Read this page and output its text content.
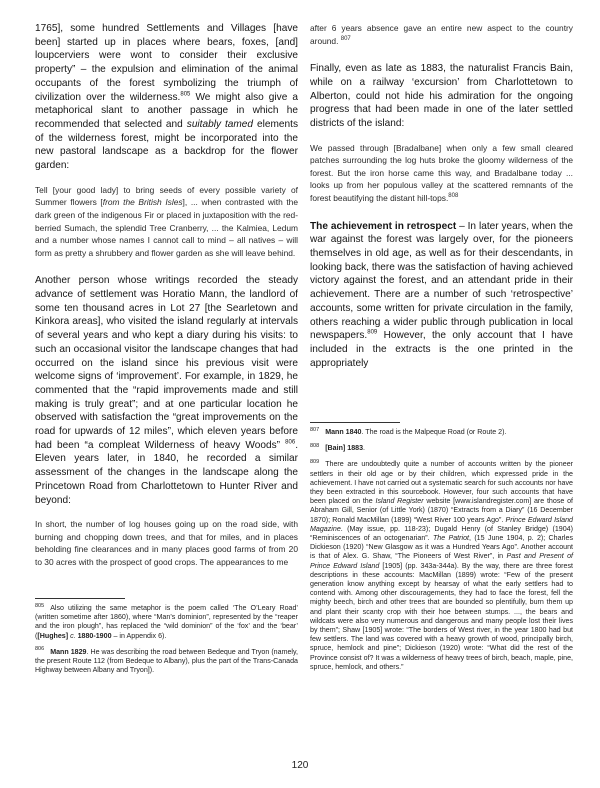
1765], some hundred Settlements and Villages [have been] started up in places where bears, foxes, [and] loupcerviers were wont to consider their exclusive property” – the expulsion and elimination of the animal occupants of the forest symbolizing the triumph of civilization over the wilderness.$^{805}$ We might also give a metaphorical slant to another passage in which he recommended that selected and suitably tamed elements of the wilderness forest, might be incorporated into the new pastoral landscape as a backdrop for the flower garden:

Tell [your good lady] to bring seeds of every possible variety of Summer flowers [from the British Isles], ... when contrasted with the dark green of the indigenous Fir or placed in juxtaposition with the red-berried Sumach, the splendid Tree Cranberry, ... the Kalmiea, Ledum and a number whose names I cannot call to mind – all natives – will form as pretty a shrubbery and flower garden as she will leave behind.

Another person whose writings recorded the steady advance of settlement was Horatio Mann, the landlord of some ten thousand acres in Lot 27 [the Searletown and Kinkora areas], who visited the island regularly at intervals of several years and who kept a diary during his visits: to such an occasional visitor the landscape changes that had occurred on the island since his previous visit were welcome signs of ‘improvement’. For example, in 1829, he commented that the “rapid improvements made and still making is truly great”; and at one particular location he observed with satisfaction the “great improvements on the road for upwards of 12 miles”, which eleven years before had been “a compleat Wilderness of heavy Woods” $^{806}$. Eleven years later, in 1840, he recorded a similar assessment of the changes in the landscape along the Princetown Road from Charlottetown to Hunter River and beyond:

In short, the number of log houses going up on the road side, with burning and chopping down trees, and that for miles, and in places beholding fine clearances and in many places good farms of from 20 to 30 acres with the prospect of good crops. The appearances to me

$^{805}$ Also utilizing the same metaphor is the poem called ‘The O’Leary Road’ (written sometime after 1860), where “Man’s dominion”, represented by the “reaper and the iron plough”, has replaced the “wild dominion” of the ‘fox’ and the ‘bear’ ([Hughes] c. 1880-1900 – in Appendix 6).

$^{806}$ Mann 1829. He was describing the road between Bedeque and Tryon (namely, the present Route 112 (from Bedeque to Albany), plus the part of the Trans-Canada Highway between Albany and Tryon]).

after 6 years absence gave an entire new aspect to the country around. $^{807}$

Finally, even as late as 1883, the naturalist Francis Bain, while on a railway ‘excursion’ from Charlottetown to Alberton, could not hide his admiration for the ongoing progress that had been made in one of the later settled districts of the island:

We passed through [Bradalbane] when only a few small cleared patches surrounding the log huts broke the gloomy wilderness of the forest. But the iron horse came this way, and Bradalbane today ... looks up from her populous valley at the scattered remnants of the forest beautifying the distant hill-tops.$^{808}$

The achievement in retrospect – In later years, when the war against the forest was largely over, for the pioneers themselves in old age, as well as for their descendants, in looking back, there was the satisfaction of having achieved victory against the forest, and an attendant pride in their achievement. There are a number of such ‘retrospective’ accounts, some written for private circulation in the family, others reaching a wider public through publication in local newspapers.$^{809}$ However, the only account that I have included in the extracts is the one printed in the appropriately

$^{807}$ Mann 1840. The road is the Malpeque Road (or Route 2).

$^{808}$ [Bain] 1883.

$^{809}$ There are undoubtedly quite a number of accounts written by the pioneer settlers in their old age or by their children, which expressed pride in the achievement. I have not carried out a systematic search for such accounts nor have they been extracted in this sourcebook. However, four such accounts that have been placed on the Island Register website [www.islandregister.com] are those of Abraham Gill, Senior (of Little York) (1870) “Extracts from a Diary” (16 December 1870); Ronald MacMillan (1899) “West River 100 years Ago”. Prince Edward Island Magazine. (May issue, pp. 118-23); Dugald Henry (of Stanley Bridge) (1904) “Reminiscences of an octogenarian”. The Patriot, (15 June 1904, p. 2); Charles Dickieson (1920) “New Glasgow as it was a Hundred Years Ago”. Another account is that of Alex. G. Shaw, “The Pioneers of West River”, in Past and Present of Prince Edward Island [1905] (pp. 343a-344a). By the way, there are three forest descriptions in these accounts: MacMillan (1899) wrote: “Few of the present generation know anything except by hearsay of what the early settlers had to contend with. Among other discouragements, they had to face the forest, fell the mighty beech, birch and other trees that are bounded so plentifully, burn them up and plant their scanty crop with their hoe between stumps. ..., the bears and wildcats were also very numerous and dangerous and many people lost their lives by them”; Shaw [1905] wrote: “The borders of West river, in the year 1800 had but few settlers. The land was covered with a heavy growth of wood, principally birch, spruce, hemlock and pine”; Dickieson (1920) wrote: “What did the rest of the Province consist of? It was a wilderness of heavy trees of birch, beach, maple, pine, spruce, hemlock, and others.”

120
